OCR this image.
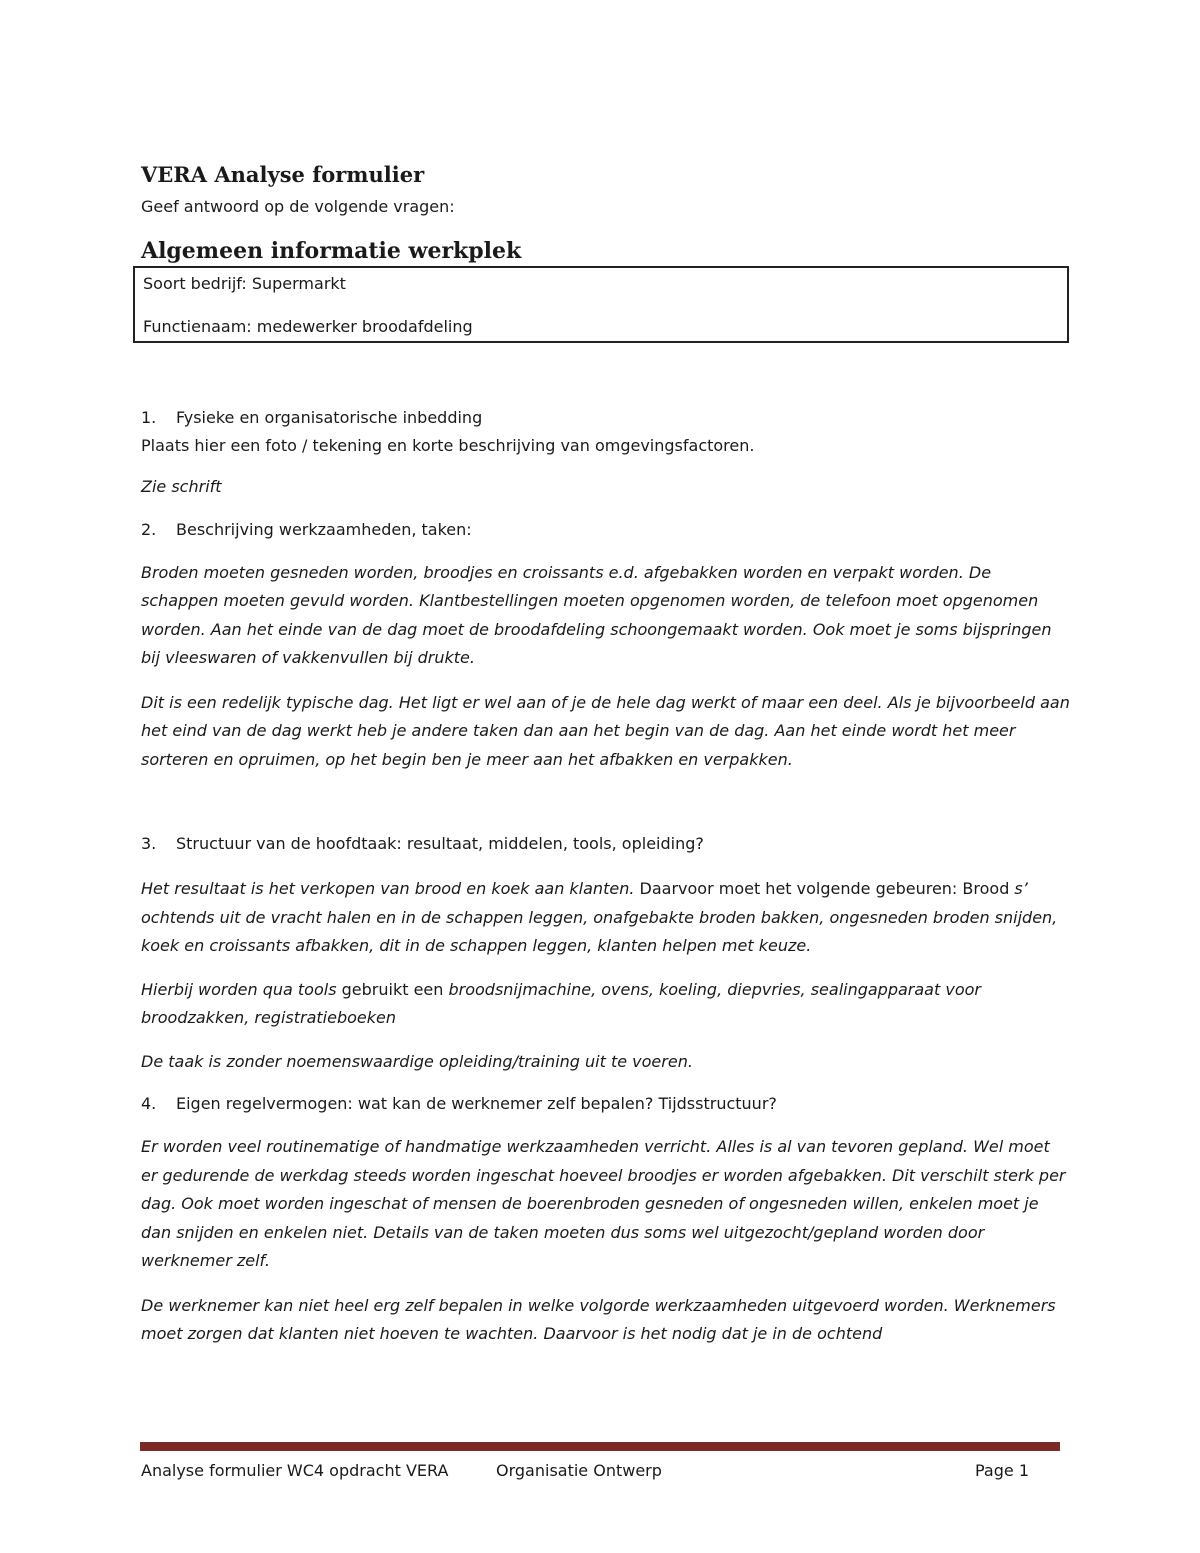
VERA Analyse formulier

Geef antwoord op de volgende vragen:

Algemeen informatie werkplek

Soort bedrijf: Supermarkt

Functienaam: medewerker broodafdeling

1. Fysieke en organisatorische inbedding

Plaats hier een foto / tekening en korte beschrijving van omgevingsfactoren.

Zie schrift

2. Beschrijving werkzaamheden, taken:

Broden moeten gesneden worden, broodjes en croissants e.d. afgebakken worden en verpakt worden. De schappen moeten gevuld worden. Klantbestellingen moeten opgenomen worden, de telefoon moet opgenomen worden. Aan het einde van de dag moet de broodafdeling schoongemaakt worden. Ook moet je soms bijspringen bij vleeswaren of vakkenvullen bij drukte.

Dit is een redelijk typische dag. Het ligt er wel aan of je de hele dag werkt of maar een deel. Als je bijvoorbeeld aan het eind van de dag werkt heb je andere taken dan aan het begin van de dag. Aan het einde wordt het meer sorteren en opruimen, op het begin ben je meer aan het afbakken en verpakken.

3. Structuur van de hoofdtaak: resultaat, middelen, tools, opleiding?

Het resultaat is het verkopen van brood en koek aan klanten. Daarvoor moet het volgende gebeuren: Brood s’ ochtends uit de vracht halen en in de schappen leggen, onafgebakte broden bakken, ongesneden broden snijden, koek en croissants afbakken, dit in de schappen leggen, klanten helpen met keuze.

Hierbij worden qua tools gebruikt een broodsnijmachine, ovens, koeling, diepvries, sealingapparaat voor broodzakken, registratieboeken

De taak is zonder noemenswaardige opleiding/training uit te voeren.

4. Eigen regelvermogen: wat kan de werknemer zelf bepalen? Tijdsstructuur?

Er worden veel routinematige of handmatige werkzaamheden verricht. Alles is al van tevoren gepland. Wel moet er gedurende de werkdag steeds worden ingeschat hoeveel broodjes er worden afgebakken. Dit verschilt sterk per dag. Ook moet worden ingeschat of mensen de boerenbroden gesneden of ongesneden willen, enkelen moet je dan snijden en enkelen niet. Details van de taken moeten dus soms wel uitgezocht/gepland worden door werknemer zelf.

De werknemer kan niet heel erg zelf bepalen in welke volgorde werkzaamheden uitgevoerd worden. Werknemers moet zorgen dat klanten niet hoeven te wachten. Daarvoor is het nodig dat je in de ochtend

Analyse formulier WC4 opdracht VERA	Organisatie Ontwerp	Page 1
